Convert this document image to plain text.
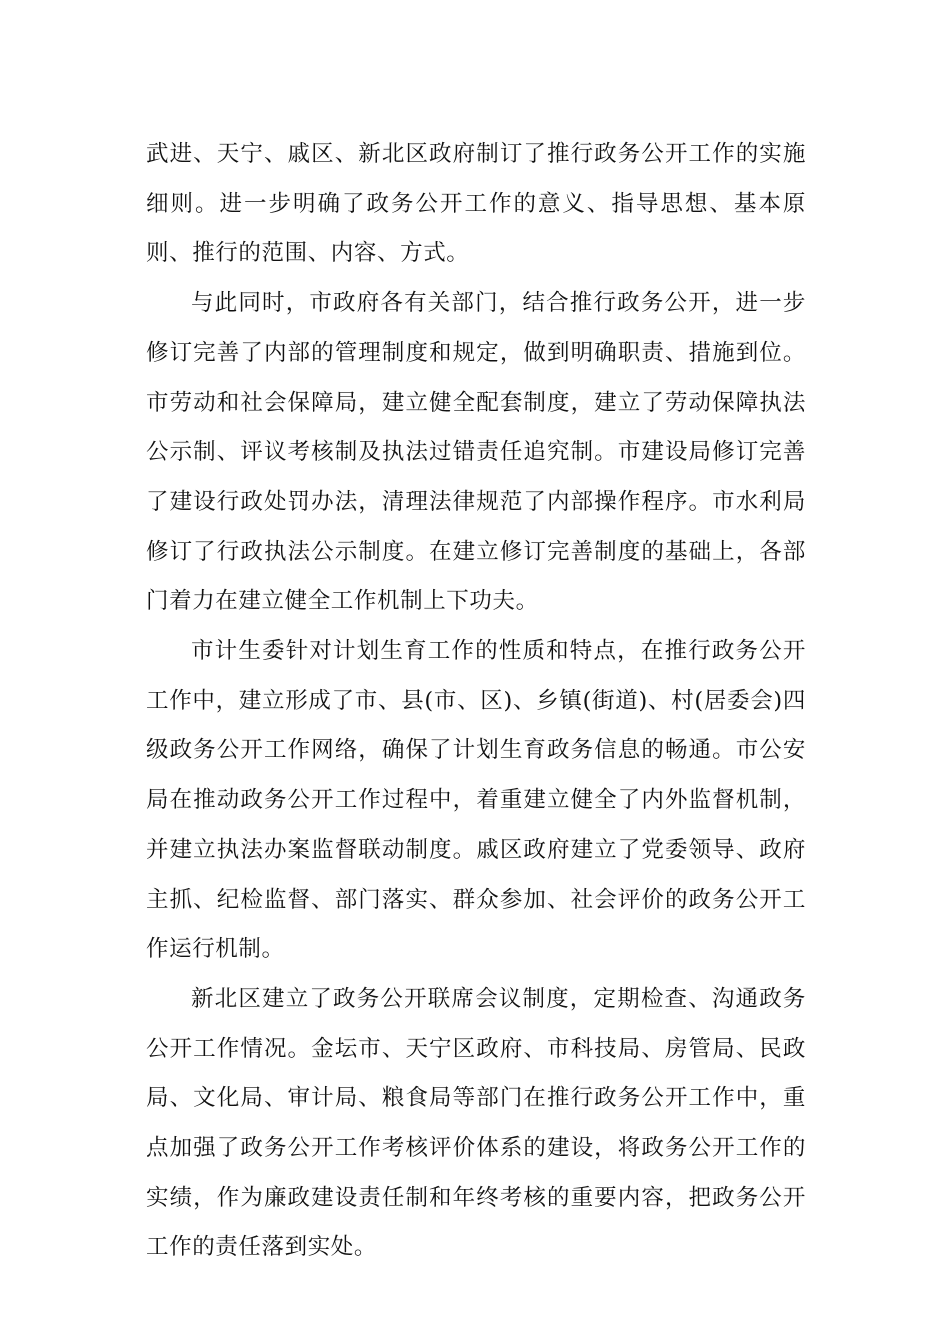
武进、天宁、戚区、新北区政府制订了推行政务公开工作的实施细则。进一步明确了政务公开工作的意义、指导思想、基本原则、推行的范围、内容、方式。

与此同时，市政府各有关部门，结合推行政务公开，进一步修订完善了内部的管理制度和规定，做到明确职责、措施到位。市劳动和社会保障局，建立健全配套制度，建立了劳动保障执法公示制、评议考核制及执法过错责任追究制。市建设局修订完善了建设行政处罚办法，清理法律规范了内部操作程序。市水利局修订了行政执法公示制度。在建立修订完善制度的基础上，各部门着力在建立健全工作机制上下功夫。

市计生委针对计划生育工作的性质和特点，在推行政务公开工作中，建立形成了市、县(市、区)、乡镇(街道)、村(居委会)四级政务公开工作网络，确保了计划生育政务信息的畅通。市公安局在推动政务公开工作过程中，着重建立健全了内外监督机制，并建立执法办案监督联动制度。戚区政府建立了党委领导、政府主抓、纪检监督、部门落实、群众参加、社会评价的政务公开工作运行机制。

新北区建立了政务公开联席会议制度，定期检查、沟通政务公开工作情况。金坛市、天宁区政府、市科技局、房管局、民政局、文化局、审计局、粮食局等部门在推行政务公开工作中，重点加强了政务公开工作考核评价体系的建设，将政务公开工作的实绩，作为廉政建设责任制和年终考核的重要内容，把政务公开工作的责任落到实处。
